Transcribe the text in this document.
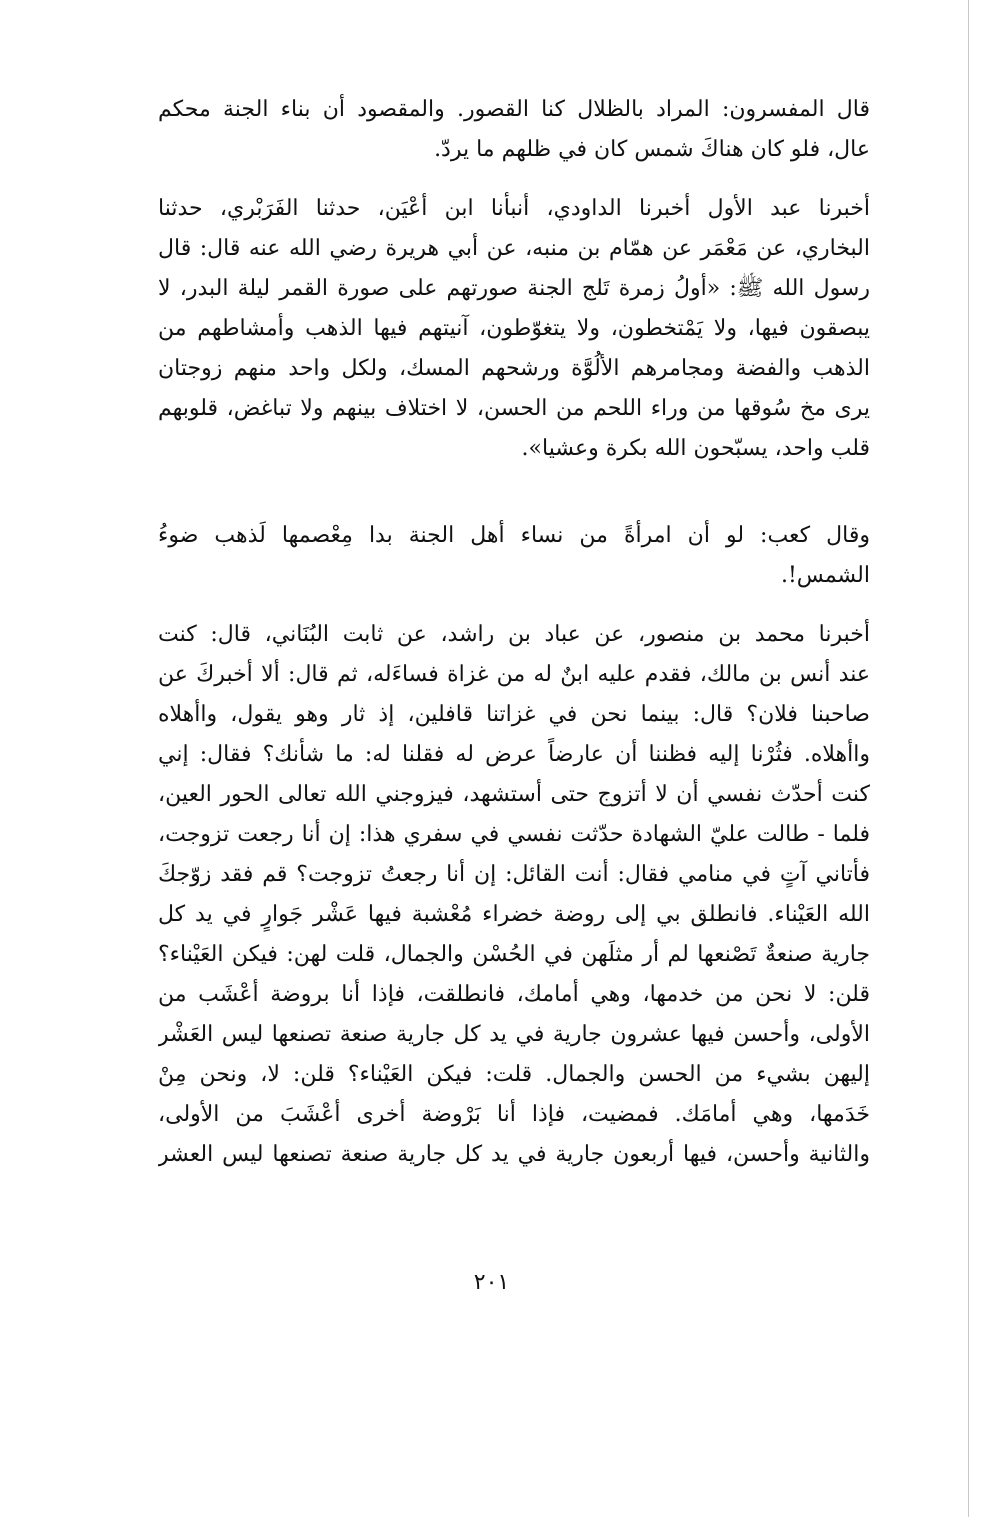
قال المفسرون: المراد بالظلال كنا القصور. والمقصود أن بناء الجنة محكم
عال، فلو كان هناكَ شمس كان في ظلهم ما يردّ.
أخبرنا عبد الأول أخبرنا الداودي، أنبأنا ابن أعْيَن، حدثنا الفَرَبْري، حدثنا
البخاري، عن مَعْمَر عن همّام بن منبه، عن أبي هريرة رضي الله عنه قال: قال
رسول الله ﷺ: «أولُ زمرة تَلج الجنة صورتهم على صورة القمر ليلة البدر، لا
يبصقون فيها، ولا يَمْتخطون، ولا يتغوّطون، آنيتهم فيها الذهب وأمشاطهم من
الذهب والفضة ومجامرهم الألُوَّة ورشحهم المسك، ولكل واحد منهم زوجتان
يرى مخ سُوقها من وراء اللحم من الحسن، لا اختلاف بينهم ولا تباغض، قلوبهم
قلب واحد، يسبّحون الله بكرة وعشيا».
وقال كعب: لو أن امرأةً من نساء أهل الجنة بدا مِعْصمها لَذهب ضوءُ
الشمس!.
أخبرنا محمد بن منصور، عن عباد بن راشد، عن ثابت البُنَاني، قال: كنت
عند أنس بن مالك، فقدم عليه ابنٌ له من غزاة فساءَله، ثم قال: ألا أخبركَ عن
صاحبنا فلان؟ قال: بينما نحن في غزاتنا قافلين، إذ ثار وهو يقول، واأهلاه
واأهلاه. فثُرْنا إليه فظننا أن عارضاً عرض له فقلنا له: ما شأنك؟ فقال: إني
كنت أحدّث نفسي أن لا أتزوج حتى أستشهد، فيزوجني الله تعالى الحور العين،
فلما - طالت عليّ الشهادة حدّثت نفسي في سفري هذا: إن أنا رجعت تزوجت،
فأتاني آتٍ في منامي فقال: أنت القائل: إن أنا رجعتُ تزوجت؟ قم فقد زوّجكَ
الله العَيْناء. فانطلق بي إلى روضة خضراء مُعْشبة فيها عَشْر جَوارٍ في يد كل
جارية صنعةٌ تَصْنعها لم أر مثلَهن في الحُسْن والجمال، قلت لهن: فيكن العَيْناء؟
قلن: لا نحن من خدمها، وهي أمامك، فانطلقت، فإذا أنا بروضة أعْشَب من
الأولى، وأحسن فيها عشرون جارية في يد كل جارية صنعة تصنعها ليس العَشْر
إليهن بشيء من الحسن والجمال. قلت: فيكن العَيْناء؟ قلن: لا، ونحن مِنْ
خَدَمها، وهي أمامَك. فمضيت، فإذا أنا بَرْوضة أخرى أعْشَبَ من الأولى،
والثانية وأحسن، فيها أربعون جارية في يد كل جارية صنعة تصنعها ليس العشر
٢٠١
